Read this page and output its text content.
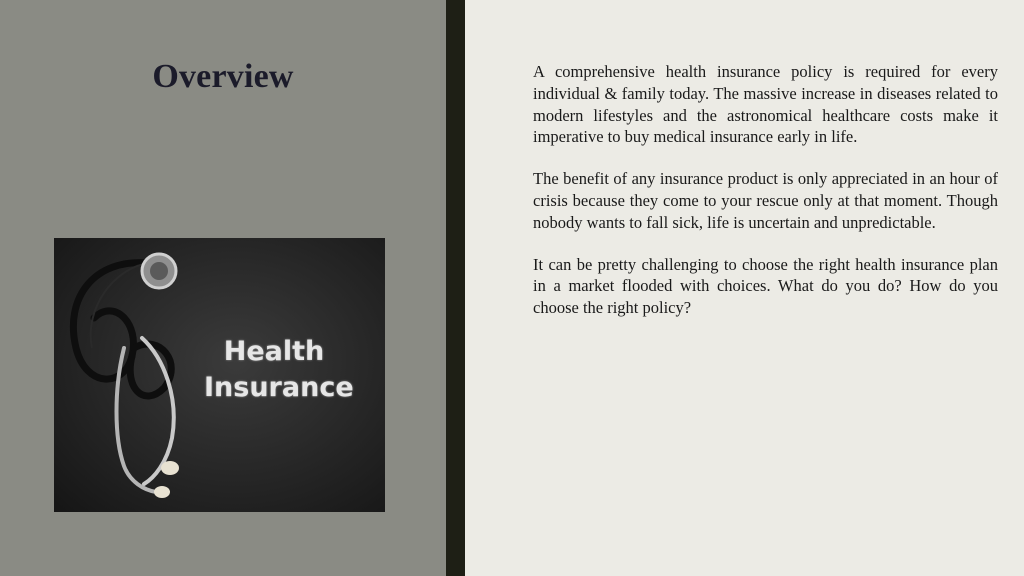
Overview
Health
Insurance

A comprehensive health insurance policy is required for every individual & family today. The massive increase in diseases related to modern lifestyles and the astronomical healthcare costs make it imperative to buy medical insurance early in life.

The benefit of any insurance product is only appreciated in an hour of crisis because they come to your rescue only at that moment. Though nobody wants to fall sick, life is uncertain and unpredictable.

It can be pretty challenging to choose the right health insurance plan in a market flooded with choices. What do you do? How do you choose the right policy?
